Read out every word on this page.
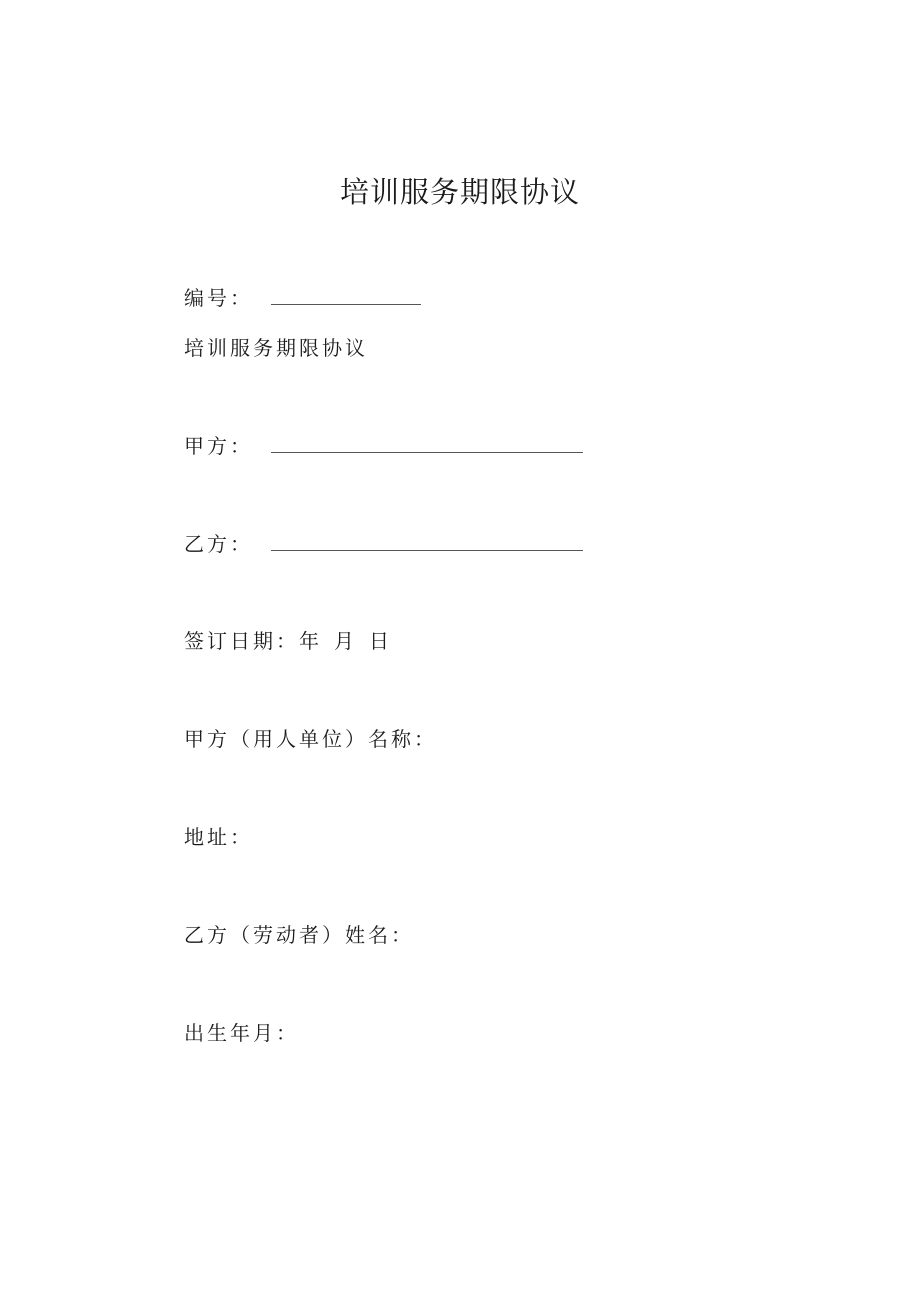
培训服务期限协议
编号：
培训服务期限协议
甲方：
乙方：
签订日期：年 月 日
甲方（用人单位）名称：
地址：
乙方（劳动者）姓名：
出生年月：
